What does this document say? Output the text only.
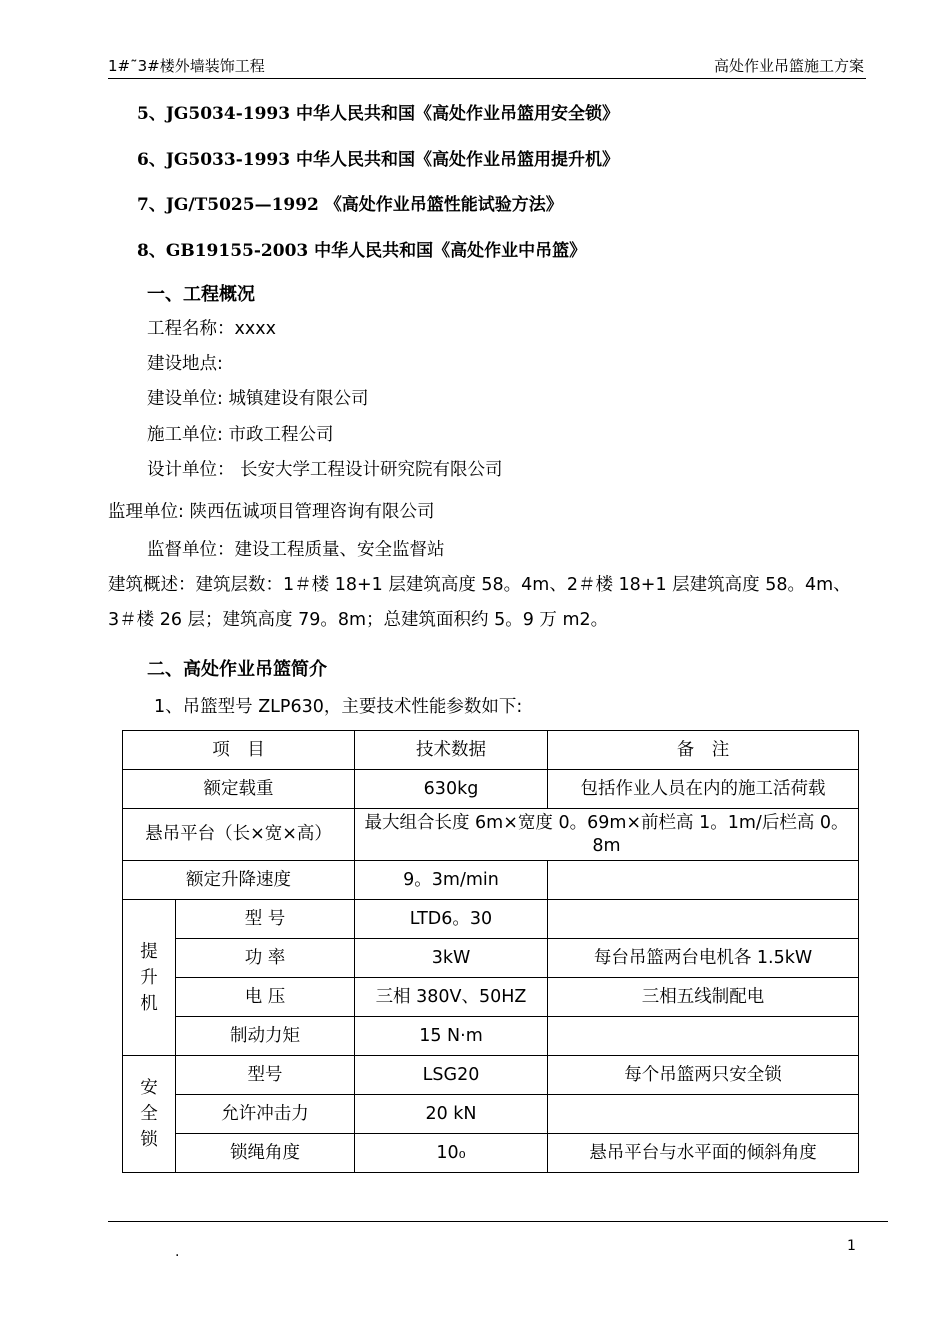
1#˜3#楼外墙装饰工程	高处作业吊篮施工方案
5、JG5034-1993 中华人民共和国《高处作业吊篮用安全锁》
6、JG5033-1993 中华人民共和国《高处作业吊篮用提升机》
7、JG/T5025—1992 《高处作业吊篮性能试验方法》
8、GB19155-2003 中华人民共和国《高处作业中吊篮》
一、工程概况
工程名称：xxxx
建设地点:
建设单位: 城镇建设有限公司
施工单位: 市政工程公司
设计单位： 长安大学工程设计研究院有限公司
监理单位: 陕西伍诚项目管理咨询有限公司
监督单位：建设工程质量、安全监督站
建筑概述：建筑层数：1＃楼 18+1 层建筑高度 58。4m、2＃楼 18+1 层建筑高度 58。4m、
3＃楼 26 层；建筑高度 79。8m；总建筑面积约 5。9 万 m2。
二、高处作业吊篮简介
1、吊篮型号 ZLP630，主要技术性能参数如下:
项　目		技术数据	备　注
额定载重		630kg	包括作业人员在内的施工活荷载
悬吊平台（长×宽×高）		最大组合长度 6m×宽度 0。69m×前栏高 1。1m/后栏高 0。8m	
额定升降速度		9。3m/min	
提升机	型 号	LTD6。30	
	功 率	3kW	每台吊篮两台电机各 1.5kW
	电 压	三相 380V、50HZ	三相五线制配电
	制动力矩	15 N·m	
安全锁	型号	LSG20	每个吊篮两只安全锁
	允许冲击力	20 kN	
	锁绳角度	10₀	悬吊平台与水平面的倾斜角度
.	1
